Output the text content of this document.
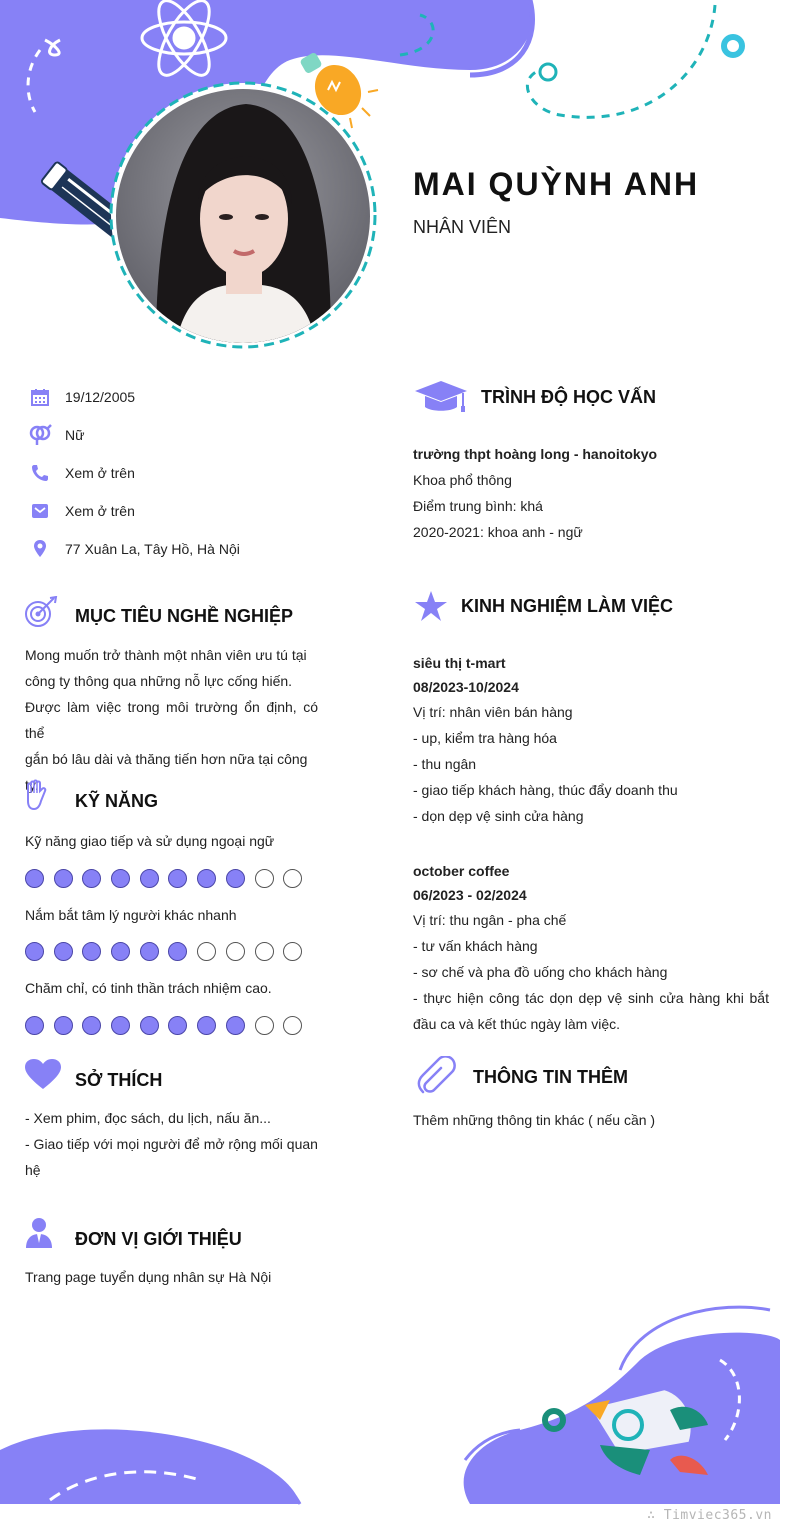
MAI QUỲNH ANH
NHÂN VIÊN
19/12/2005
Nữ
Xem ở trên
Xem ở trên
77 Xuân La, Tây Hồ, Hà Nội
MỤC TIÊU NGHỀ NGHIỆP
Mong muốn trở thành một nhân viên ưu tú tại
công ty thông qua những nỗ lực cống hiến.
Được làm việc trong môi trường ổn định, có thể
gắn bó lâu dài và thăng tiến hơn nữa tại công
ty.
KỸ NĂNG
Kỹ năng giao tiếp và sử dụng ngoại ngữ
Nắm bắt tâm lý người khác nhanh
Chăm chỉ, có tinh thần trách nhiệm cao.
SỞ THÍCH
- Xem phim, đọc sách, du lịch, nấu ăn...
- Giao tiếp với mọi người để mở rộng mối quan
hệ
ĐƠN VỊ GIỚI THIỆU
Trang page tuyển dụng nhân sự Hà Nội
TRÌNH ĐỘ HỌC VẤN
trường thpt hoàng long - hanoitokyo
Khoa phổ thông
Điểm trung bình: khá
2020-2021: khoa anh - ngữ
KINH NGHIỆM LÀM VIỆC
siêu thị t-mart
08/2023-10/2024
Vị trí: nhân viên bán hàng
- up, kiểm tra hàng hóa
- thu ngân
- giao tiếp khách hàng, thúc đẩy doanh thu
- dọn dẹp vệ sinh cửa hàng
october coffee
06/2023 - 02/2024
Vị trí: thu ngân - pha chế
- tư vấn khách hàng
- sơ chế và pha đồ uống cho khách hàng
- thực hiện công tác dọn dẹp vệ sinh cửa hàng khi bắt
đầu ca và kết thúc ngày làm việc.
THÔNG TIN THÊM
Thêm những thông tin khác ( nếu cần )
∴ Timviec365.vn
